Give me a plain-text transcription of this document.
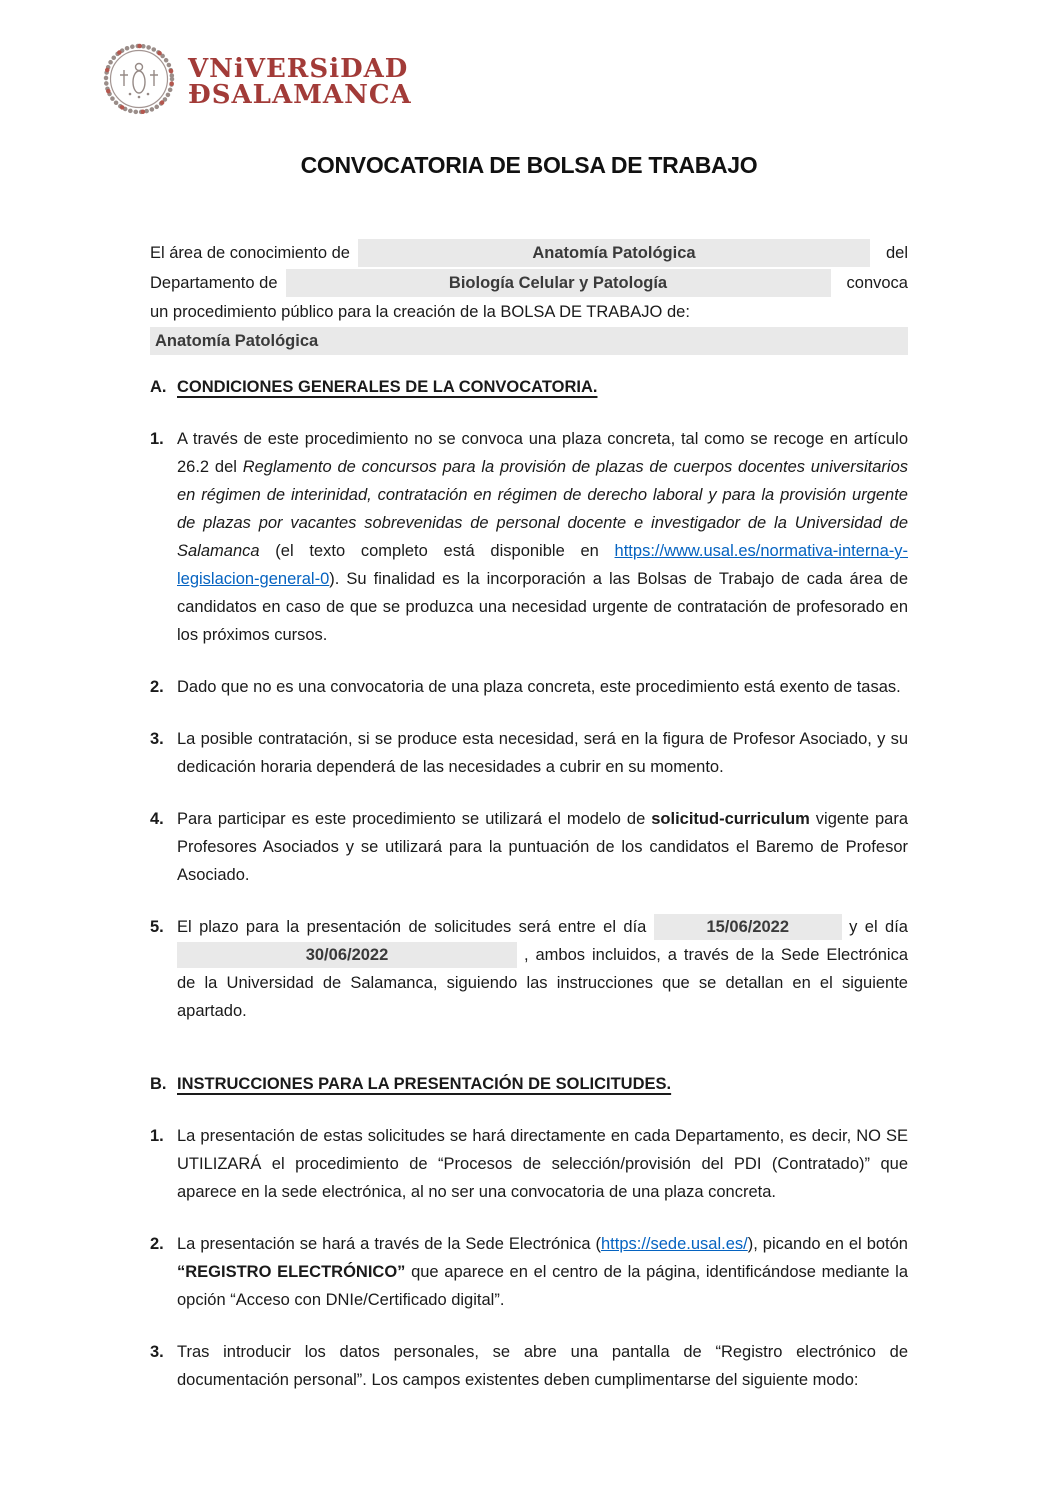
VNiVERSiDAD
ÐSALAMANCA
CONVOCATORIA DE BOLSA DE TRABAJO
El área de conocimiento de	Anatomía Patológica	del
Departamento de	Biología Celular y Patología	convoca
un procedimiento público para la creación de la BOLSA DE TRABAJO de:
Anatomía Patológica
A. CONDICIONES GENERALES DE LA CONVOCATORIA.
1. A través de este procedimiento no se convoca una plaza concreta, tal como se recoge en artículo 26.2 del Reglamento de concursos para la provisión de plazas de cuerpos docentes universitarios en régimen de interinidad, contratación en régimen de derecho laboral y para la provisión urgente de plazas por vacantes sobrevenidas de personal docente e investigador de la Universidad de Salamanca (el texto completo está disponible en https://www.usal.es/normativa-interna-y-legislacion-general-0). Su finalidad es la incorporación a las Bolsas de Trabajo de cada área de candidatos en caso de que se produzca una necesidad urgente de contratación de profesorado en los próximos cursos.

2. Dado que no es una convocatoria de una plaza concreta, este procedimiento está exento de tasas.

3. La posible contratación, si se produce esta necesidad, será en la figura de Profesor Asociado, y su dedicación horaria dependerá de las necesidades a cubrir en su momento.

4. Para participar es este procedimiento se utilizará el modelo de solicitud-curriculum vigente para Profesores Asociados y se utilizará para la puntuación de los candidatos el Baremo de Profesor Asociado.

5. El plazo para la presentación de solicitudes será entre el día	15/06/2022	y el día 30/06/2022	, ambos incluidos, a través de la Sede Electrónica de la Universidad de Salamanca, siguiendo las instrucciones que se detallan en el siguiente apartado.

B. INSTRUCCIONES PARA LA PRESENTACIÓN DE SOLICITUDES.
1. La presentación de estas solicitudes se hará directamente en cada Departamento, es decir, NO SE UTILIZARÁ el procedimiento de “Procesos de selección/provisión del PDI (Contratado)” que aparece en la sede electrónica, al no ser una convocatoria de una plaza concreta.

2. La presentación se hará a través de la Sede Electrónica (https://sede.usal.es/), picando en el botón “REGISTRO ELECTRÓNICO” que aparece en el centro de la página, identificándose mediante la opción “Acceso con DNIe/Certificado digital”.

3. Tras introducir los datos personales, se abre una pantalla de “Registro electrónico de documentación personal”. Los campos existentes deben cumplimentarse del siguiente modo:
